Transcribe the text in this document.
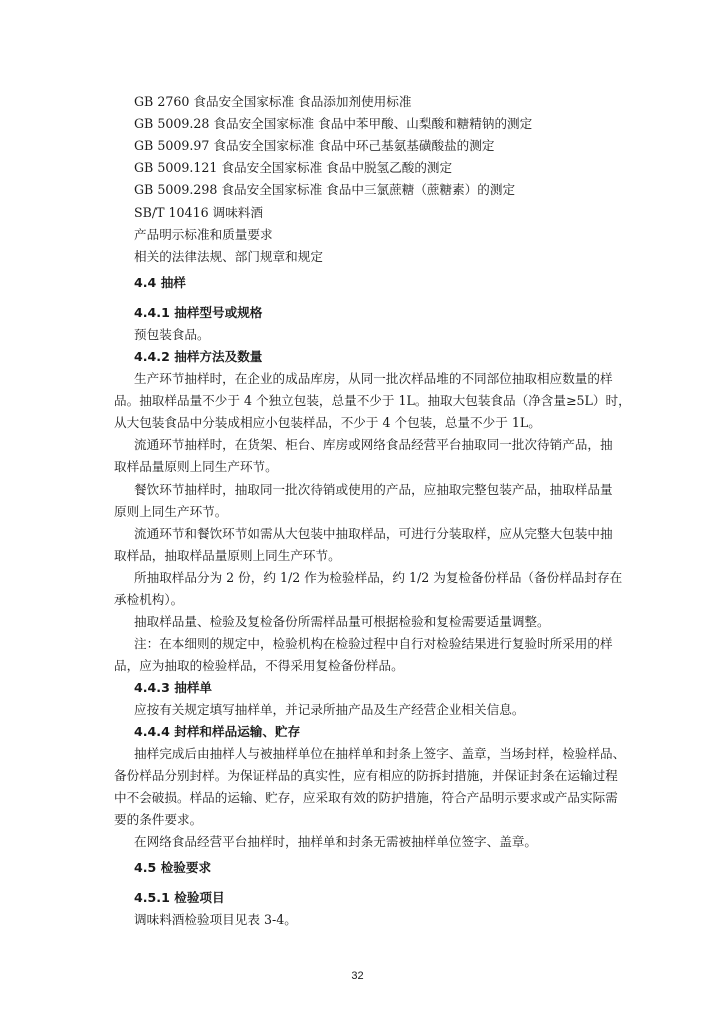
GB 2760 食品安全国家标准 食品添加剂使用标准
GB 5009.28 食品安全国家标准 食品中苯甲酸、山梨酸和糖精钠的测定
GB 5009.97 食品安全国家标准 食品中环己基氨基磺酸盐的测定
GB 5009.121 食品安全国家标准 食品中脱氢乙酸的测定
GB 5009.298 食品安全国家标准 食品中三氯蔗糖（蔗糖素）的测定
SB/T 10416 调味料酒
产品明示标准和质量要求
相关的法律法规、部门规章和规定
4.4 抽样
4.4.1 抽样型号或规格
预包装食品。
4.4.2 抽样方法及数量
生产环节抽样时，在企业的成品库房，从同一批次样品堆的不同部位抽取相应数量的样
品。抽取样品量不少于 4 个独立包装，总量不少于 1L。抽取大包装食品（净含量≥5L）时，
从大包装食品中分装成相应小包装样品，不少于 4 个包装，总量不少于 1L。
流通环节抽样时，在货架、柜台、库房或网络食品经营平台抽取同一批次待销产品，抽
取样品量原则上同生产环节。
餐饮环节抽样时，抽取同一批次待销或使用的产品，应抽取完整包装产品，抽取样品量
原则上同生产环节。
流通环节和餐饮环节如需从大包装中抽取样品，可进行分装取样，应从完整大包装中抽
取样品，抽取样品量原则上同生产环节。
所抽取样品分为 2 份，约 1/2 作为检验样品，约 1/2 为复检备份样品（备份样品封存在
承检机构）。
抽取样品量、检验及复检备份所需样品量可根据检验和复检需要适量调整。
注：在本细则的规定中，检验机构在检验过程中自行对检验结果进行复验时所采用的样
品，应为抽取的检验样品，不得采用复检备份样品。
4.4.3 抽样单
应按有关规定填写抽样单，并记录所抽产品及生产经营企业相关信息。
4.4.4 封样和样品运输、贮存
抽样完成后由抽样人与被抽样单位在抽样单和封条上签字、盖章，当场封样，检验样品、
备份样品分别封样。为保证样品的真实性，应有相应的防拆封措施，并保证封条在运输过程
中不会破损。样品的运输、贮存，应采取有效的防护措施，符合产品明示要求或产品实际需
要的条件要求。
在网络食品经营平台抽样时，抽样单和封条无需被抽样单位签字、盖章。
4.5 检验要求
4.5.1 检验项目
调味料酒检验项目见表 3-4。
32
